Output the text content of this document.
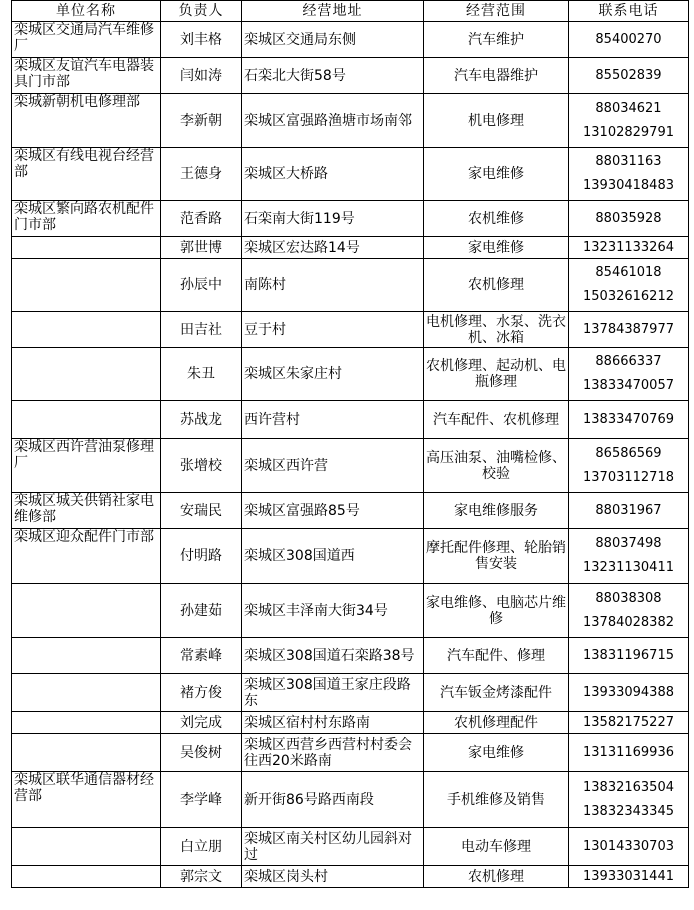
单位名称	负责人	经营地址	经营范围	联系电话
栾城区交通局汽车维修厂	刘丰格	栾城区交通局东侧	汽车维护	85400270

栾城区友谊汽车电器装具门市部	闫如涛	石栾北大街58号	汽车电器维护	85502839

栾城新朝机电修理部	李新朝	栾城区富强路渔塘市场南邻	机电修理	88034621
13102829791

栾城区有线电视台经营部	王德身	栾城区大桥路	家电维修	88031163
13930418483

栾城区繁向路农机配件门市部	范香路	石栾南大街119号	农机维修	88035928

	郭世博	栾城区宏达路14号	家电维修	13231133264

	孙辰中	南陈村	农机修理	85461018
15032616212

	田吉社	豆于村	电机修理、水泵、洗衣机、冰箱	13784387977

	朱丑	栾城区朱家庄村	农机修理、起动机、电瓶修理	88666337
13833470057

	苏战龙	西许营村	汽车配件、农机修理	13833470769

栾城区西许营油泵修理厂	张增校	栾城区西许营	高压油泵、油嘴检修、校验	86586569
13703112718

栾城区城关供销社家电维修部	安瑞民	栾城区富强路85号	家电维修服务	88031967

栾城区迎众配件门市部	付明路	栾城区308国道西	摩托配件修理、轮胎销售安装	88037498
13231130411

	孙建茹	栾城区丰泽南大街34号	家电维修、电脑芯片维修	88038308
13784028382

	常素峰	栾城区308国道石栾路38号	汽车配件、修理	13831196715

	褚方俊	栾城区308国道王家庄段路东	汽车钣金烤漆配件	13933094388

	刘完成	栾城区宿村村东路南	农机修理配件	13582175227

	吴俊树	栾城区西营乡西营村村委会往西20米路南	家电维修	13131169936

栾城区联华通信器材经营部	李学峰	新开街86号路西南段	手机维修及销售	13832163504
13832343345

	白立朋	栾城区南关村区幼儿园斜对过	电动车修理	13014330703

	郭宗文	栾城区岗头村	农机修理	13933031441
